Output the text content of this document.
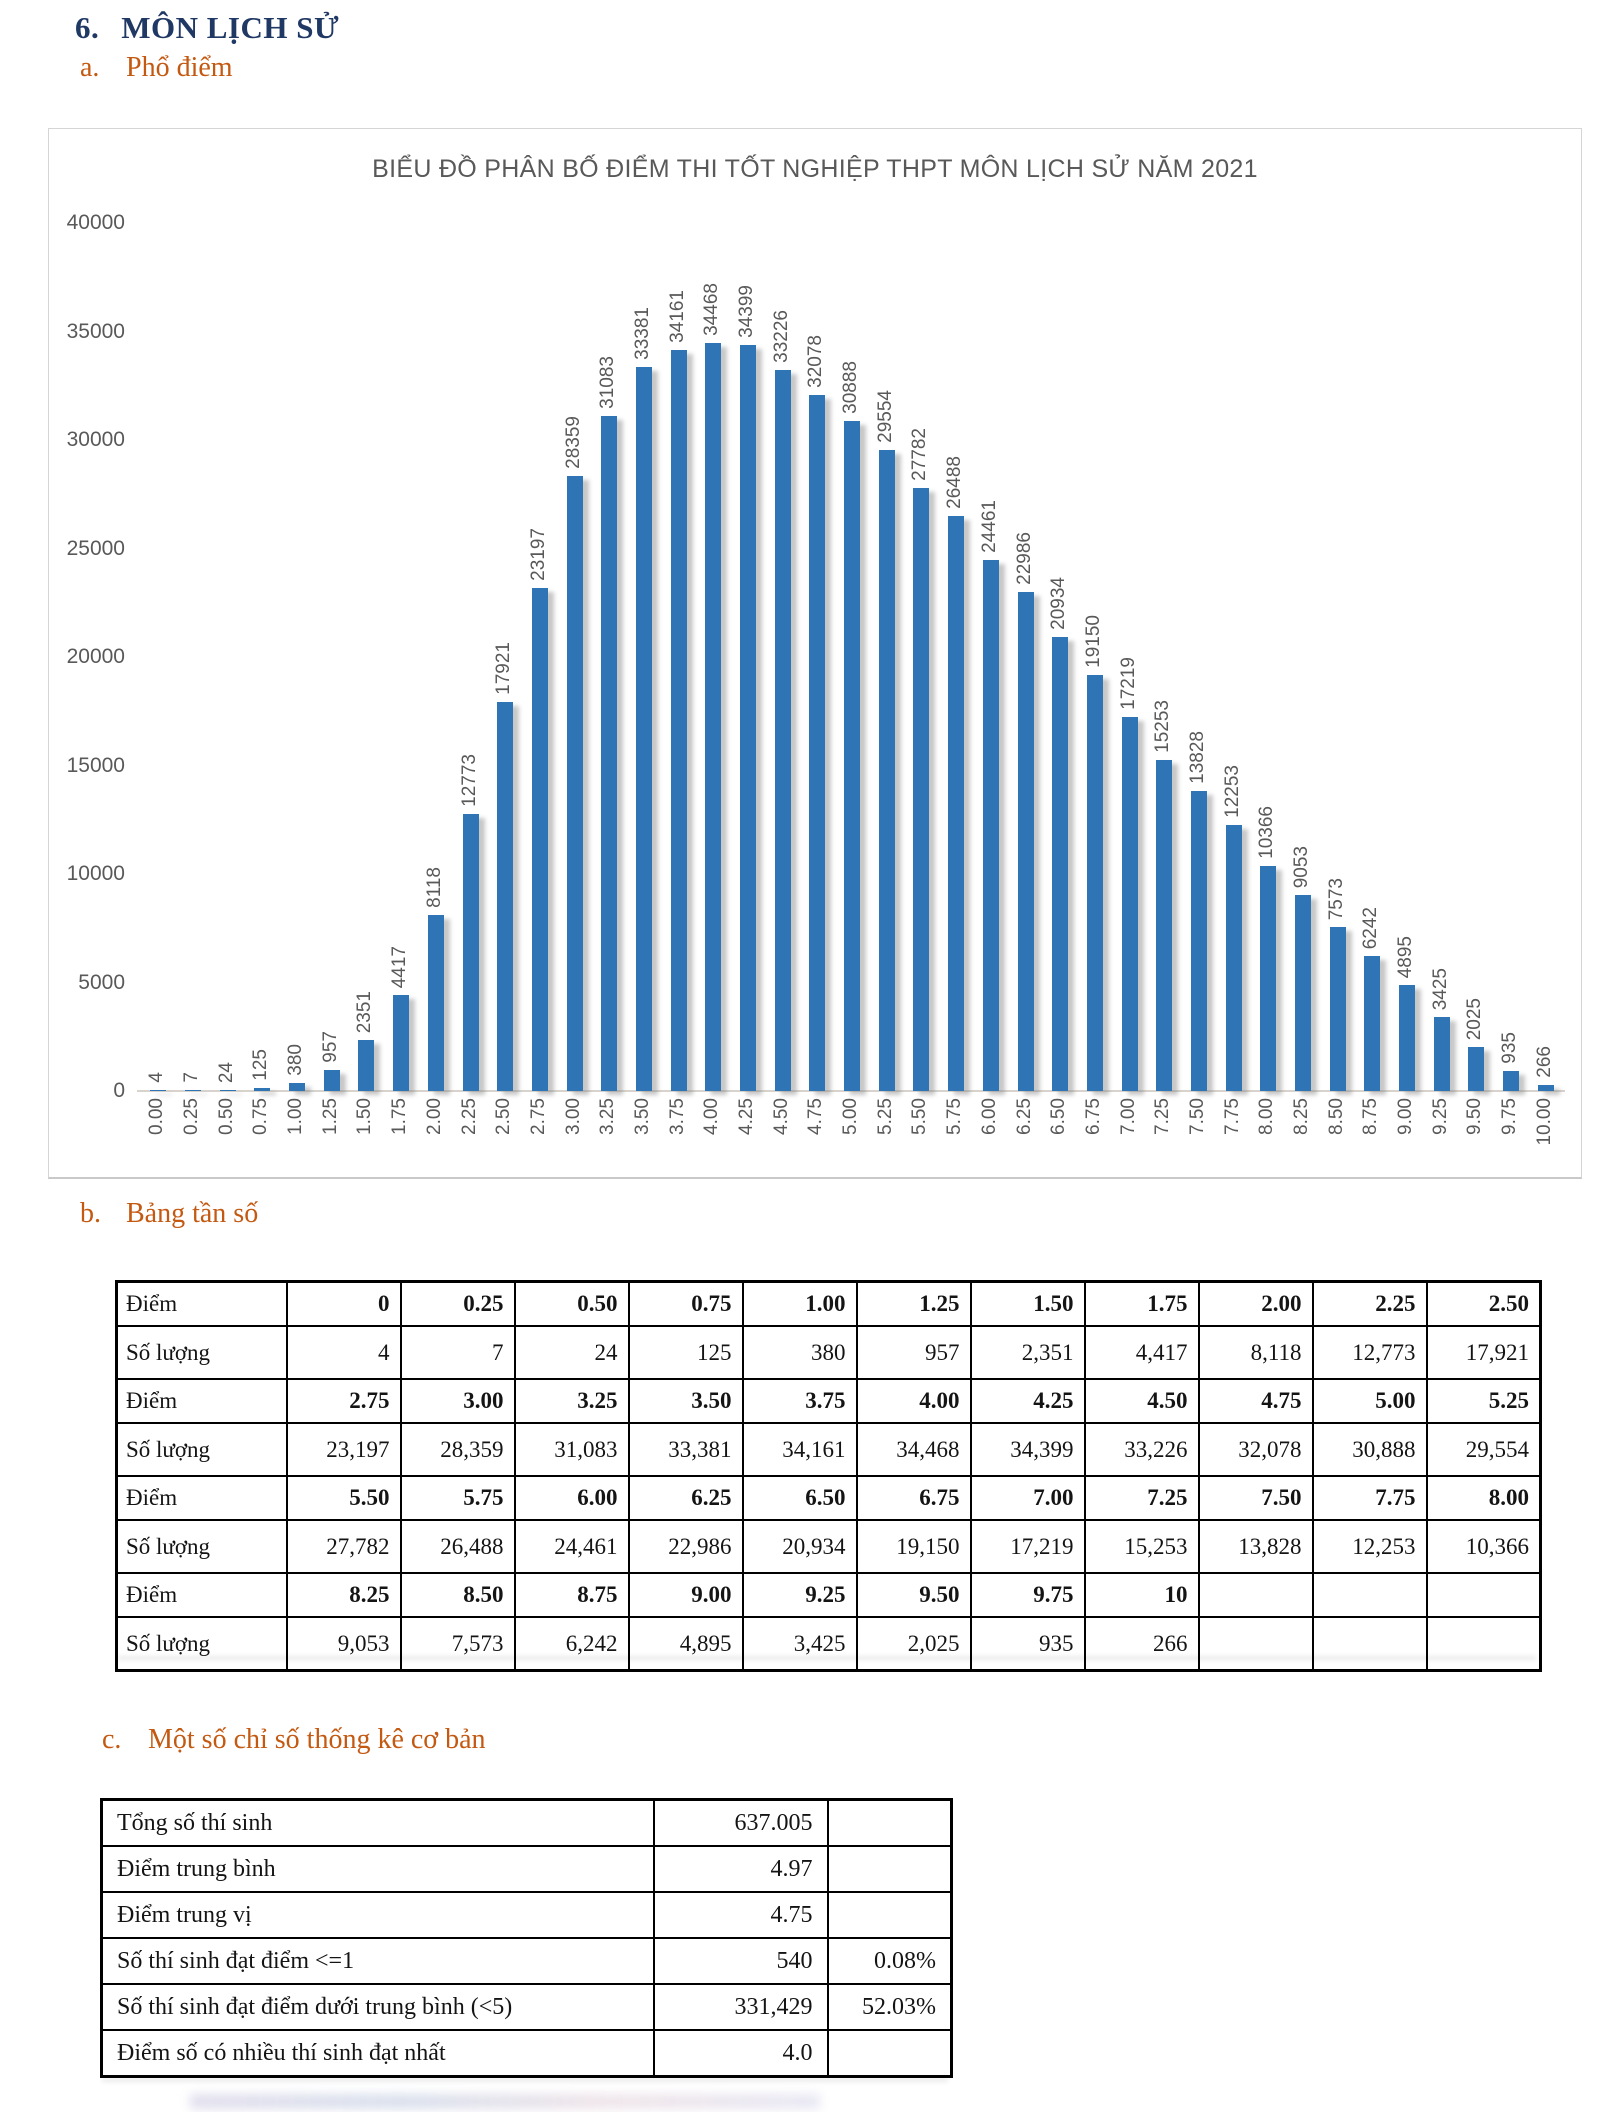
6. MÔN LỊCH SỬ
a. Phổ điểm
BIỂU ĐỒ PHÂN BỐ ĐIỂM THI TỐT NGHIỆP THPT MÔN LỊCH SỬ NĂM 2021
0
5000
10000
15000
20000
25000
30000
35000
40000
4
0.00
7
0.25
24
0.50
125
0.75
380
1.00
957
1.25
2351
1.50
4417
1.75
8118
2.00
12773
2.25
17921
2.50
23197
2.75
28359
3.00
31083
3.25
33381
3.50
34161
3.75
34468
4.00
34399
4.25
33226
4.50
32078
4.75
30888
5.00
29554
5.25
27782
5.50
26488
5.75
24461
6.00
22986
6.25
20934
6.50
19150
6.75
17219
7.00
15253
7.25
13828
7.50
12253
7.75
10366
8.00
9053
8.25
7573
8.50
6242
8.75
4895
9.00
3425
9.25
2025
9.50
935
9.75
266
10.00
b. Bảng tần số
Điểm	0	0.25	0.50	0.75	1.00	1.25	1.50	1.75	2.00	2.25	2.50
Số lượng	4	7	24	125	380	957	2,351	4,417	8,118	12,773	17,921
Điểm	2.75	3.00	3.25	3.50	3.75	4.00	4.25	4.50	4.75	5.00	5.25
Số lượng	23,197	28,359	31,083	33,381	34,161	34,468	34,399	33,226	32,078	30,888	29,554
Điểm	5.50	5.75	6.00	6.25	6.50	6.75	7.00	7.25	7.50	7.75	8.00
Số lượng	27,782	26,488	24,461	22,986	20,934	19,150	17,219	15,253	13,828	12,253	10,366
Điểm	8.25	8.50	8.75	9.00	9.25	9.50	9.75	10			
Số lượng	9,053	7,573	6,242	4,895	3,425	2,025	935	266			
c. Một số chỉ số thống kê cơ bản
Tổng số thí sinh	637.005	
Điểm trung bình	4.97	
Điểm trung vị	4.75	
Số thí sinh đạt điểm <=1	540	0.08%
Số thí sinh đạt điểm dưới trung bình (<5)	331,429	52.03%
Điểm số có nhiều thí sinh đạt nhất	4.0	
